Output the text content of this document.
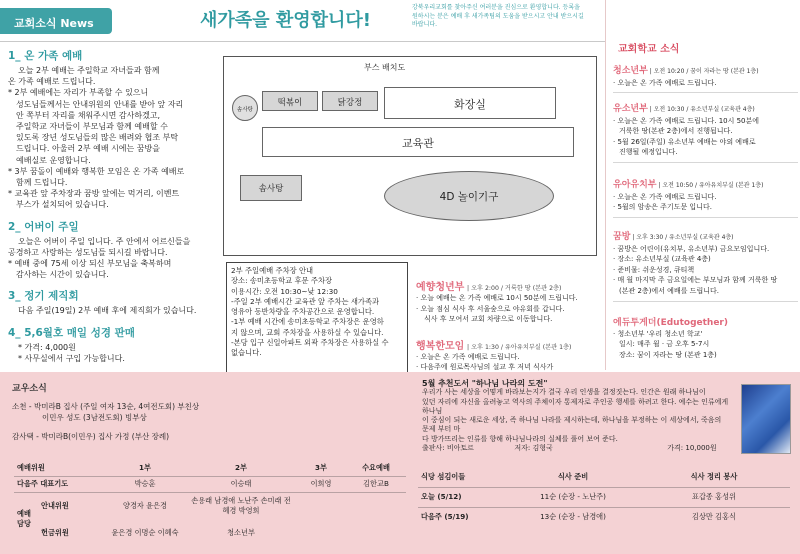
교회소식 News	새가족을 환영합니다!
강북우리교회를 찾아주신 여러분을 진심으로 환영합니다. 등록을 원하시는 분은 예배 후 새가족팀의 도움을 받으시고 안내 받으시길 바랍니다.
1_ 온 가족 예배
오늘 2부 예배는 주일학교 자녀들과 함께
온 가족 예배로 드립니다.
* 2부 예배에는 자리가 부족할 수 있으니
성도님들께서는 안내위원의 안내를 받아 앞 자리
안 쪽부터 자리를 채워주시면 감사하겠고,
주일학교 자녀들이 부모님과 함께 예배할 수
있도록 장년 성도님들의 많은 배려와 협조 부탁
드립니다. 아울러 2부 예배 시에는 꿈방을
예배실로 운영합니다.
* 3부 꿈돌이 예배와 행복한 모임은 온 가족 예배로
함께 드립니다.
* 교육관 앞 주차장과 꿈방 앞에는 먹거리, 이벤트
부스가 설치되어 있습니다.
2_ 어버이 주일
오늘은 어버이 주일 입니다. 주 안에서 어르신들을
공경하고 사랑하는 성도님들 되시길 바랍니다.
* 예배 중에 75세 이상 되신 부모님을 축복하며
감사하는 시간이 있습니다.
3_ 정기 제직회
다음 주일(19일) 2부 예배 후에 제직회가 있습니다.
4_ 5,6월호 매일 성경 판매
* 가격: 4,000원
* 사무실에서 구입 가능합니다.
부스 배치도
솜사탕
떡볶이	닭강정	화장실
교육관
솜사탕
4D 놀이기구
2부 주일예배 주차장 안내
장소: 송미초등학교 후문 주차장
이용시간: 오전 10:30~낮 12:30
-주일 2부 예배시간 교육관 앞 주차는 새가족과
영유아 동반차량을 주차공간으로 운영합니다.
-1부 예배 시간에 송미초등학교 주차장은 운영하
지 않으며, 교회 주차장을 사용하실 수 있습니다.
-본당 입구 신일아파트 외곽 주차장은 사용하실 수
없습니다.
예향청년부 | 오후 2:00 / 거룩한 땅 (본관 2층)
· 오늘 예배는 온 가족 예배로 10시 50분에 드립니다.
· 오늘 점심 식사 후 서울숲으로 야유회를 갑니다.
식사 후 모여서 교회 차량으로 이동합니다.
행복한모임 | 오후 1:30 / 유아유치부실 (본관 1층)
· 오늘은 온 가족 예배로 드립니다.
· 다음주에 원로목사님의 설교 후 저녁 식사가
교회학교 소식
청소년부 | 오전 10:20 / 꿈이 자라는 땅 (본관 1층)
· 오늘은 온 가족 예배로 드립니다.
유소년부 | 오전 10:30 / 유소년부실 (교육관 4층)
· 오늘은 온 가족 예배로 드립니다. 10시 50분에
거룩한 땅(본관 2층)에서 진행됩니다.
· 5월 26일(주일) 유소년부 예배는 야외 예배로
진행될 예정입니다.
유아유치부 | 오전 10:50 / 유아유치부실 (본관 1층)
· 오늘은 온 가족 예배로 드립니다.
· 5월의 암송은 주기도문 입니다.
꿈방 | 오후 3:30 / 유소년부실 (교육관 4층)
· 꿈방은 어린이(유치부, 유소년부) 금요모임입니다.
· 장소: 유소년부실 (교육관 4층)
· 준비물: 쉬운성경, 큐티책
· 매 월 마지막 주 금요일에는 부모님과 함께 거룩한 땅
(본관 2층)에서 예배를 드립니다.
에듀투게더(Edutogether)
· 청소년부 '우리 청소년 학교'
일시: 매주 월 · 금 오후 5-7시
장소: 꿈이 자라는 땅 (본관 1층)
교우소식
소천 - 박미라B 집사 (주일 여자 13순, 4여전도회) 부친상
이민우 성도 (3남전도회) 빙부상
감사택 - 박미라B(이민우) 집사 가정 (부산 장례)
5월 추천도서 "하나님 나라의 도전"
우리가 사는 세상을 어떻게 바라보는지가 결국 우리 인생을 결정짓는다. 인간은 원래 하나님이
있던 자리에 자신을 올려놓고 역사의 주체이자 통제자로 주인공 행세를 하려고 한다. 예수는 인류에게 하나님
이 중심이 되는 새로운 세상, 즉 하나님 나라를 제시하는데, 하나님을 부정하는 이 세상에서, 죽음의 문제 부터 마
다 방가뜨리는 인류를 향해 하나님나라의 실체를 풀어 보여 준다.
출판사: 비아토르	저자: 김형국	가격: 10,000원
예배위원		1부	2부	3부	수요예배
다음주 대표기도		박승훈	이승태	이희영	김한교B
예배 담당	안내위원	양경자 윤은경	손용래 남경애 노난주 손미래 전혜경 박영희		
	헌금위원	윤은경 이명순 이혜숙	청소년부		
식당 섬김이들	식사 준비	식사 정리 봉사
오늘 (5/12)	11순 (순장 - 노난주)	표갑종 홍성위
다음주 (5/19)	13순 (순장 - 남경애)	김상만 김홍식
